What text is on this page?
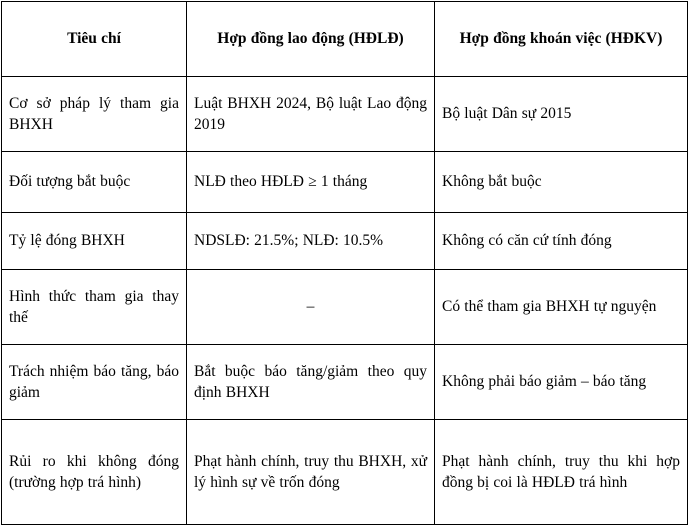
Tiêu chí	Hợp đồng lao động (HĐLĐ)	Hợp đồng khoán việc (HĐKV)
Cơ sở pháp lý tham gia BHXH	Luật BHXH 2024, Bộ luật Lao động 2019	Bộ luật Dân sự 2015
Đối tượng bắt buộc	NLĐ theo HĐLĐ ≥ 1 tháng	Không bắt buộc
Tỷ lệ đóng BHXH	NDSLĐ: 21.5%; NLĐ: 10.5%	Không có căn cứ tính đóng
Hình thức tham gia thay thế	–	Có thể tham gia BHXH tự nguyện
Trách nhiệm báo tăng, báo giảm	Bắt buộc báo tăng/giảm theo quy định BHXH	Không phải báo giảm – báo tăng
Rủi ro khi không đóng (trường hợp trá hình)	Phạt hành chính, truy thu BHXH, xử lý hình sự về trốn đóng	Phạt hành chính, truy thu khi hợp đồng bị coi là HĐLĐ trá hình
